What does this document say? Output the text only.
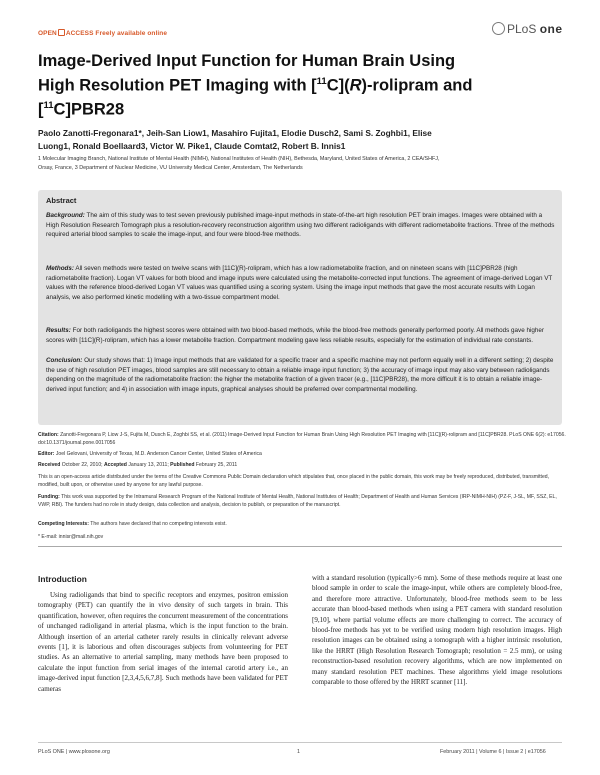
OPEN ACCESS Freely available online	PLoS one
Image-Derived Input Function for Human Brain Using
High Resolution PET Imaging with [$^{11}$C](R)-rolipram and
[$^{11}$C]PBR28
Paolo Zanotti-Fregonara1*, Jeih-San Liow1, Masahiro Fujita1, Elodie Dusch2, Sami S. Zoghbi1, Elise
Luong1, Ronald Boellaard3, Victor W. Pike1, Claude Comtat2, Robert B. Innis1
1 Molecular Imaging Branch, National Institute of Mental Health (NIMH), National Institutes of Health (NIH), Bethesda, Maryland, United States of America, 2 CEA/SHFJ,
Orsay, France, 3 Department of Nuclear Medicine, VU University Medical Center, Amsterdam, The Netherlands
Abstract
Background: The aim of this study was to test seven previously published image-input methods in state-of-the-art high resolution PET brain images. Images were obtained with a High Resolution Research Tomograph plus a resolution-recovery reconstruction algorithm using two different radioligands with different radiometabolite fractions. Three of the methods required arterial blood samples to scale the image-input, and four were blood-free methods.
Methods: All seven methods were tested on twelve scans with [11C](R)-rolipram, which has a low radiometabolite fraction, and on nineteen scans with [11C]PBR28 (high radiometabolite fraction). Logan VT values for both blood and image inputs were calculated using the metabolite-corrected input functions. The agreement of image-derived Logan VT values with the reference blood-derived Logan VT values was quantified using a scoring system. Using the image input methods that gave the most accurate results with Logan analysis, we also performed kinetic modelling with a two-tissue compartment model.
Results: For both radioligands the highest scores were obtained with two blood-based methods, while the blood-free methods generally performed poorly. All methods gave higher scores with [11C](R)-rolipram, which has a lower metabolite fraction. Compartment modeling gave less reliable results, especially for the estimation of individual rate constants.
Conclusion: Our study shows that: 1) Image input methods that are validated for a specific tracer and a specific machine may not perform equally well in a different setting; 2) despite the use of high resolution PET images, blood samples are still necessary to obtain a reliable image input function; 3) the accuracy of image input may also vary between radioligands depending on the magnitude of the radiometabolite fraction: the higher the metabolite fraction of a given tracer (e.g., [11C]PBR28), the more difficult it is to obtain a reliable image-derived input function; and 4) in association with image inputs, graphical analyses should be preferred over compartmental modelling.
Citation: Zanotti-Fregonara P, Liow J-S, Fujita M, Dusch E, Zoghbi SS, et al. (2011) Image-Derived Input Function for Human Brain Using High Resolution PET Imaging with [11C](R)-rolipram and [11C]PBR28. PLoS ONE 6(2): e17056. doi:10.1371/journal.pone.0017056
Editor: Joel Gelovani, University of Texas, M.D. Anderson Cancer Center, United States of America
Received October 22, 2010; Accepted January 13, 2011; Published February 25, 2011
This is an open-access article distributed under the terms of the Creative Commons Public Domain declaration which stipulates that, once placed in the public domain, this work may be freely reproduced, distributed, transmitted, modified, built upon, or otherwise used by anyone for any lawful purpose.
Funding: This work was supported by the Intramural Research Program of the National Institute of Mental Health, National Institutes of Health; Department of Health and Human Services (IRP-NIMH-NIH) (PZ-F, J-SL, MF, SSZ, EL, VWP, RBI). The funders had no role in study design, data collection and analysis, decision to publish, or preparation of the manuscript.
Competing Interests: The authors have declared that no competing interests exist.
* E-mail: innisr@mail.nih.gov
Introduction

Using radioligands that bind to specific receptors and enzymes, positron emission tomography (PET) can quantify the in vivo density of such targets in brain. This quantification, however, often requires the concurrent measurement of the concentrations of unchanged radioligand in arterial plasma, which is the input function to the brain. Although insertion of an arterial catheter rarely results in clinically relevant adverse events [1], it is laborious and often discourages subjects from volunteering for PET studies. As an alternative to arterial sampling, many methods have been proposed to calculate the input function from serial images of the internal carotid artery i.e., an image-derived input function [2,3,4,5,6,7,8]. Such methods have been validated for PET cameras

with a standard resolution (typically>6 mm). Some of these methods require at least one blood sample in order to scale the image-input, while others are completely blood-free, and therefore more attractive. Unfortunately, blood-free methods seem to be less accurate than blood-based methods when using a PET camera with standard resolution [9,10], where partial volume effects are more challenging to correct. The accuracy of blood-free methods has yet to be verified using modern high resolution images. High resolution images can be obtained using a tomograph with a higher intrinsic resolution, like the HRRT (High Resolution Research Tomograph; resolution = 2.5 mm), or using reconstruction-based resolution recovery algorithms, which are now implemented on many standard resolution PET machines. These algorithms yield image resolutions comparable to those offered by the HRRT scanner [11].

PLoS ONE | www.plosone.org	1	February 2011 | Volume 6 | Issue 2 | e17056
